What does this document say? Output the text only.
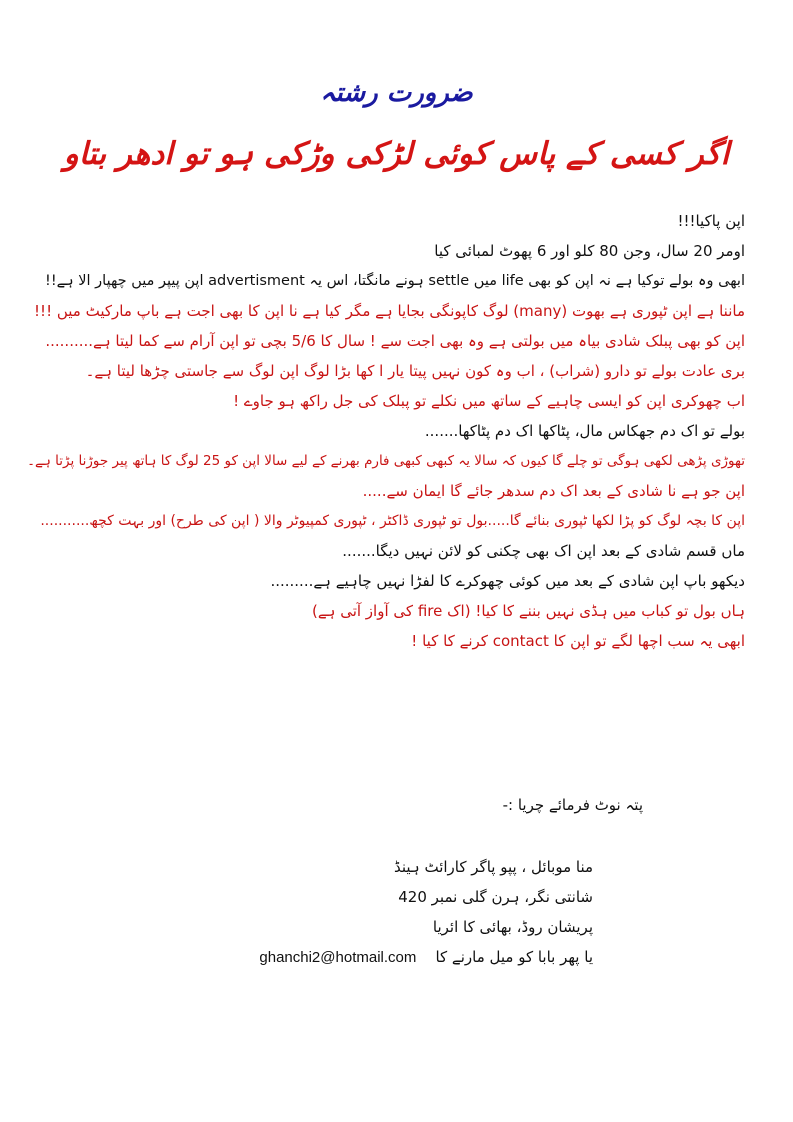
ضرورت رشتہ
اگر کسی کے پاس کوئی لڑکی وڑکی ہو تو ادھر بتاو
اپن پاکیا!!!
اومر 20 سال، وجن 80 کلو اور 6 پھوٹ لمبائی کیا
ابھی وہ بولے توکیا ہے نہ اپن کو بھی life میں settle ہونے مانگتا، اس یہ advertisment اپن پیپر میں چھپار الا ہے!!
ماننا ہے اپن ٹپوری ہے بھوت (many) لوگ کاپونگی بجایا ہے مگر کیا ہے نا اپن کا بھی اجت ہے باپ مارکیٹ میں !!!
اپن کو بھی پبلک شادی بیاہ میں بولتی ہے وہ بھی اجت سے ! سال کا 5/6 بچی تو اپن آرام سے کما لیتا ہے..........
بری عادت بولے تو دارو (شراب) ، اب وہ کون نہیں پیتا یار ا کھا بڑا لوگ اپن لوگ سے جاستی چڑھا لیتا ہے۔
اب چھوکری اپن کو ایسی چاہیے کے ساتھ میں نکلے تو پبلک کی جل راکھ ہو جاوے !
بولے تو اک دم جھکاس مال، پٹاکھا اک دم پٹاکھا.......
تھوڑی پڑھی لکھی ہوگی تو چلے گا کیوں کہ سالا یہ کبھی کبھی فارم بھرنے کے لیے سالا اپن کو 25 لوگ کا ہاتھ پیر جوڑنا پڑتا ہے۔
اپن جو ہے نا شادی کے بعد اک دم سدھر جائے گا ایمان سے.....
اپن کا بچہ لوگ کو پڑا لکھا ٹپوری بنائے گا.....بول تو ٹپوری ڈاکٹر ، ٹپوری کمپیوٹر والا ( اپن کی طرح) اور بہت کچھ...........
ماں قسم شادی کے بعد اپن اک بھی چکنی کو لائن نہیں دیگا.......
دیکھو باپ اپن شادی کے بعد میں کوئی چھوکرے کا لفڑا نہیں چاہیے ہے.........
ہاں بول تو کباب میں ہڈی نہیں بننے کا کیا! (اک fire کی آواز آتی ہے)
ابھی یہ سب اچھا لگے تو اپن کا contact کرنے کا کیا !
پتہ نوٹ فرمائے چریا :-
منا موبائل ، پپو پاگر کارائٹ ہینڈ
شانتی نگر، ہرن گلی نمبر 420
پریشان روڈ، بھائی کا ائریا
یا پھر بابا کو میل مارنے کا    ghanchi2@hotmail.com
